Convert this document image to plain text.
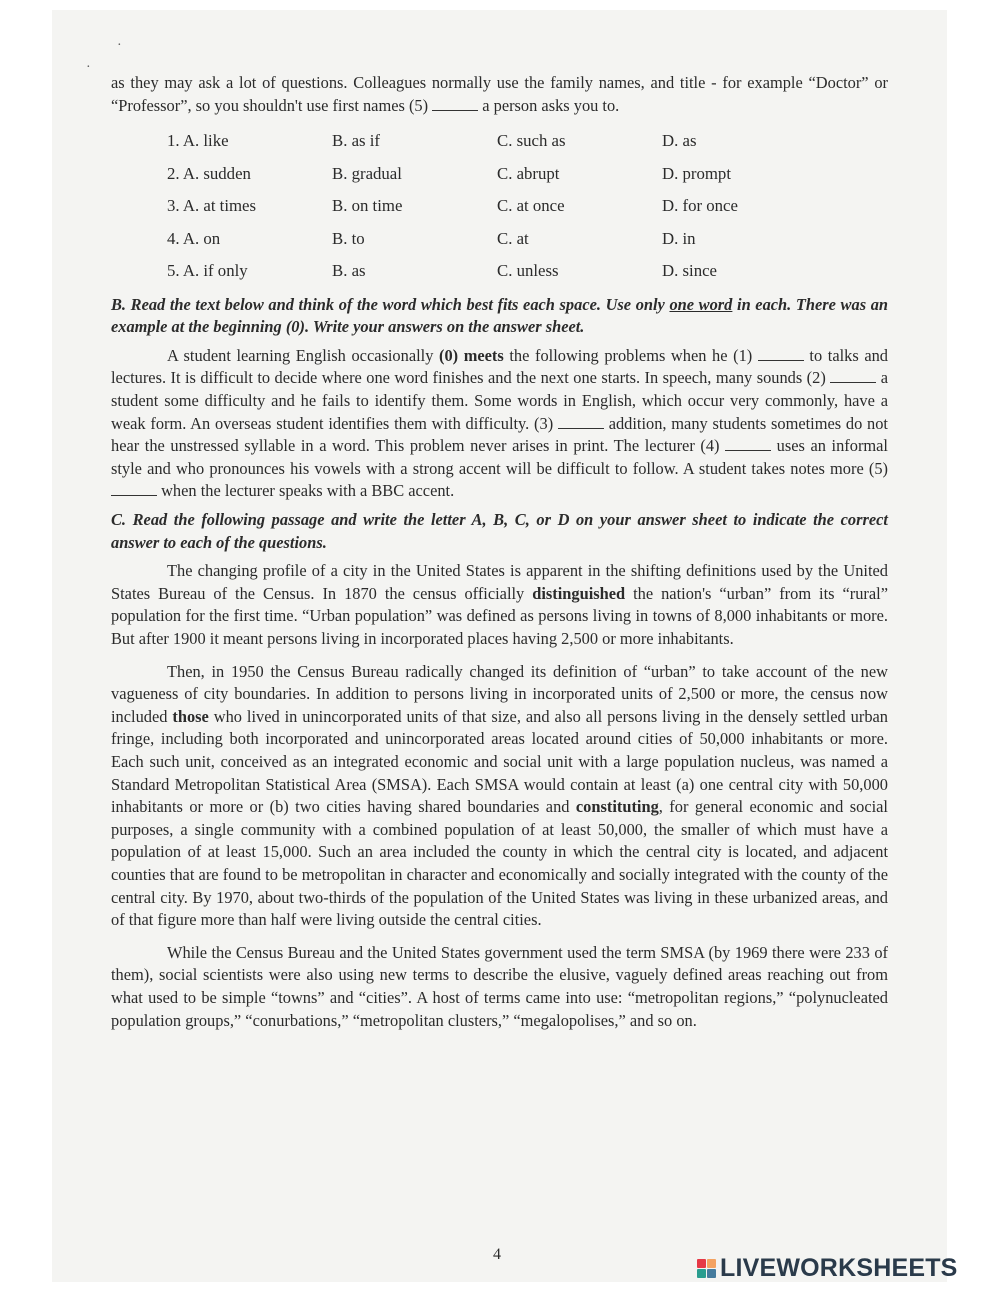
·
·

as they may ask a lot of questions. Colleagues normally use the family names, and title - for example “Doctor” or “Professor”, so you shouldn't use first names (5)	a person asks you to.

1. A. like	B. as if	C. such as	D. as
2. A. sudden	B. gradual	C. abrupt	D. prompt
3. A. at times	B. on time	C. at once	D. for once
4. A. on	B. to	C. at	D. in
5. A. if only	B. as	C. unless	D. since

B. Read the text below and think of the word which best fits each space. Use only one word in each. There was an example at the beginning (0). Write your answers on the answer sheet.

A student learning English occasionally (0) meets the following problems when he (1)	to talks and lectures. It is difficult to decide where one word finishes and the next one starts. In speech, many sounds (2)	a student some difficulty and he fails to identify them. Some words in English, which occur very commonly, have a weak form. An overseas student identifies them with difficulty. (3)	addition, many students sometimes do not hear the unstressed syllable in a word. This problem never arises in print. The lecturer (4)	uses an informal style and who pronounces his vowels with a strong accent will be difficult to follow. A student takes notes more (5)  when the lecturer speaks with a BBC accent.

C. Read the following passage and write the letter A, B, C, or D on your answer sheet to indicate the correct answer to each of the questions.

The changing profile of a city in the United States is apparent in the shifting definitions used by the United States Bureau of the Census. In 1870 the census officially distinguished the nation's “urban” from its “rural” population for the first time. “Urban population” was defined as persons living in towns of 8,000 inhabitants or more. But after 1900 it meant persons living in incorporated places having 2,500 or more inhabitants.

Then, in 1950 the Census Bureau radically changed its definition of “urban” to take account of the new vagueness of city boundaries. In addition to persons living in incorporated units of 2,500 or more, the census now included those who lived in unincorporated units of that size, and also all persons living in the densely settled urban fringe, including both incorporated and unincorporated areas located around cities of 50,000 inhabitants or more. Each such unit, conceived as an integrated economic and social unit with a large population nucleus, was named a Standard Metropolitan Statistical Area (SMSA). Each SMSA would contain at least (a) one central city with 50,000 inhabitants or more or (b) two cities having shared boundaries and constituting, for general economic and social purposes, a single community with a combined population of at least 50,000, the smaller of which must have a population of at least 15,000. Such an area included the county in which the central city is located, and adjacent counties that are found to be metropolitan in character and economically and socially integrated with the county of the central city. By 1970, about two-thirds of the population of the United States was living in these urbanized areas, and of that figure more than half were living outside the central cities.

While the Census Bureau and the United States government used the term SMSA (by 1969 there were 233 of them), social scientists were also using new terms to describe the elusive, vaguely defined areas reaching out from what used to be simple “towns” and “cities”. A host of terms came into use: “metropolitan regions,” “polynucleated population groups,” “conurbations,” “metropolitan clusters,” “megalopolises,” and so on.

4	LIVEWORKSHEETS
